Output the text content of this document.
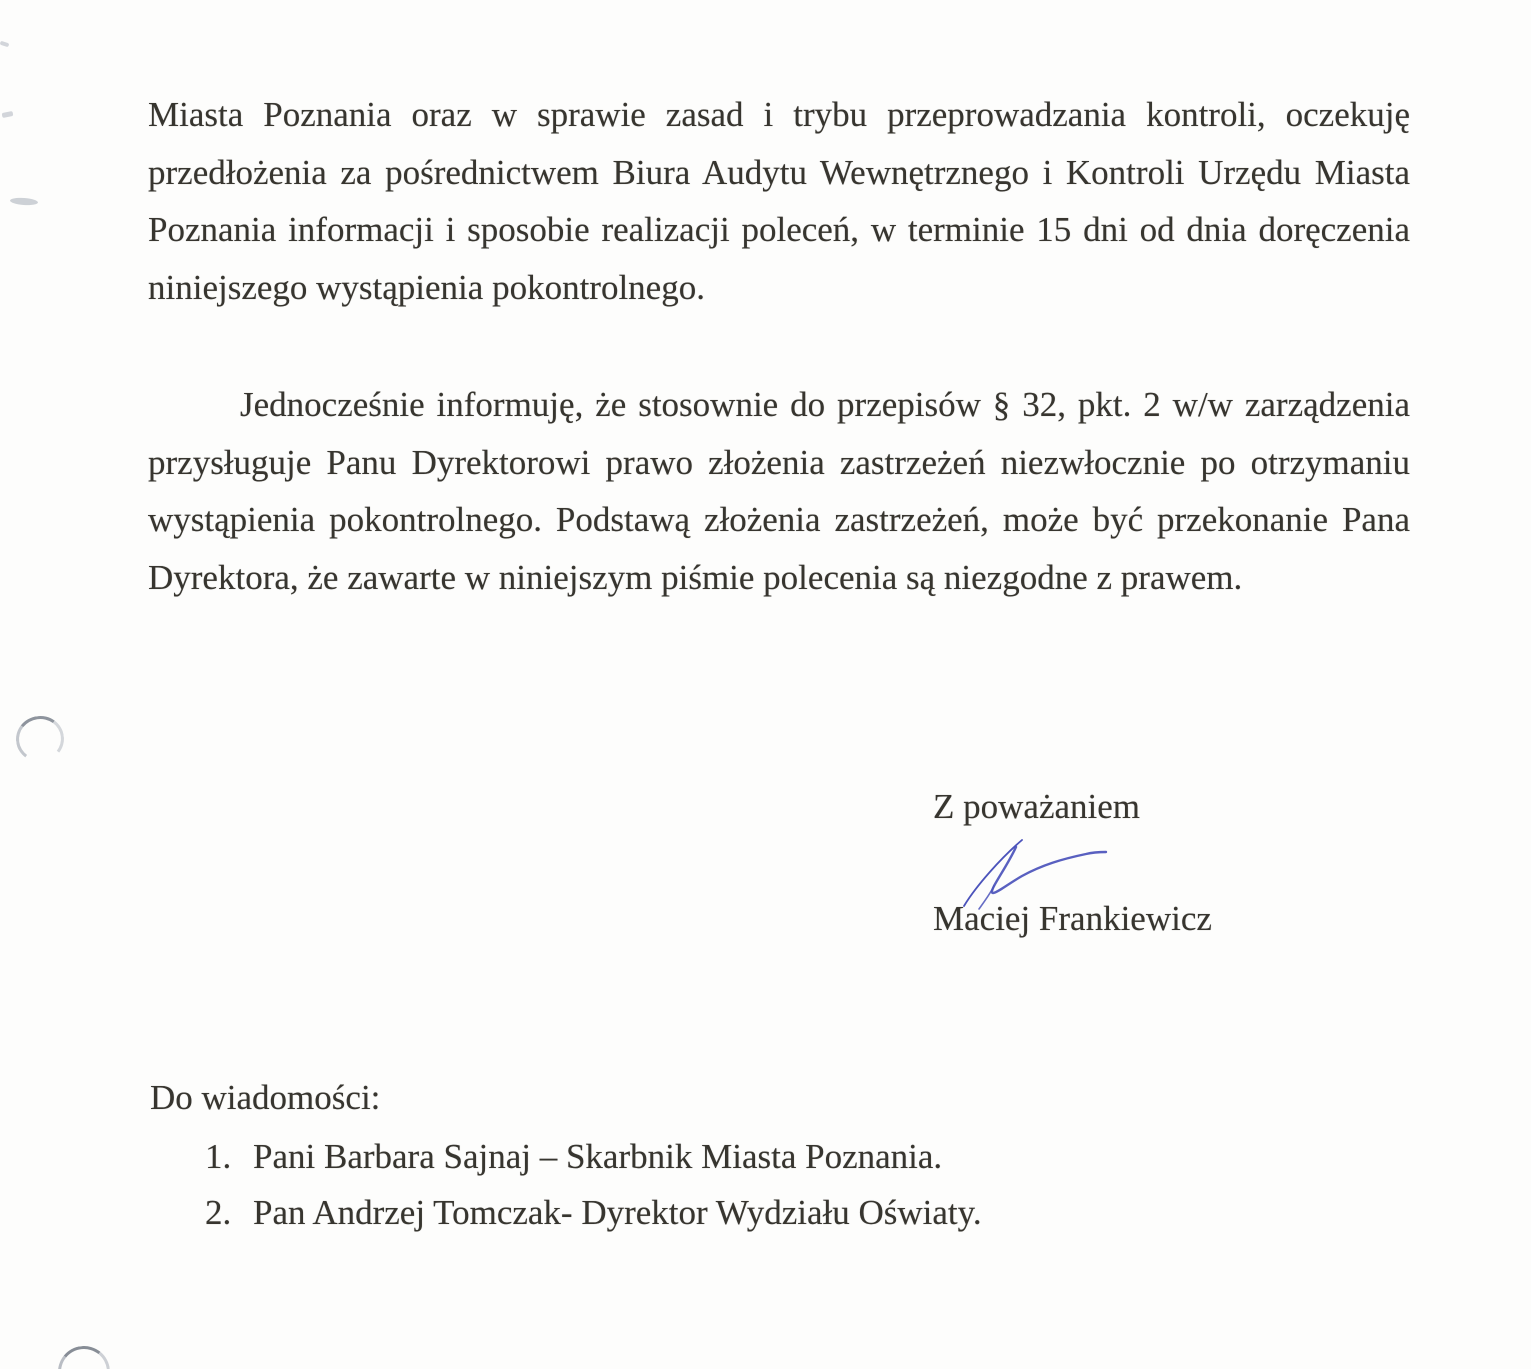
Miasta Poznania oraz w sprawie zasad i trybu przeprowadzania kontroli, oczekuję
przedłożenia za pośrednictwem Biura Audytu Wewnętrznego i Kontroli Urzędu Miasta
Poznania informacji i sposobie realizacji poleceń, w terminie 15 dni od dnia doręczenia
niniejszego wystąpienia pokontrolnego.
Jednocześnie informuję, że stosownie do przepisów § 32, pkt. 2 w/w zarządzenia
przysługuje Panu Dyrektorowi prawo złożenia zastrzeżeń niezwłocznie po otrzymaniu
wystąpienia pokontrolnego. Podstawą złożenia zastrzeżeń, może być przekonanie Pana
Dyrektora, że zawarte w niniejszym piśmie polecenia są niezgodne z prawem.
Z poważaniem
Maciej Frankiewicz
Do wiadomości:
1. Pani Barbara Sajnaj – Skarbnik Miasta Poznania.
2. Pan Andrzej Tomczak- Dyrektor Wydziału Oświaty.
